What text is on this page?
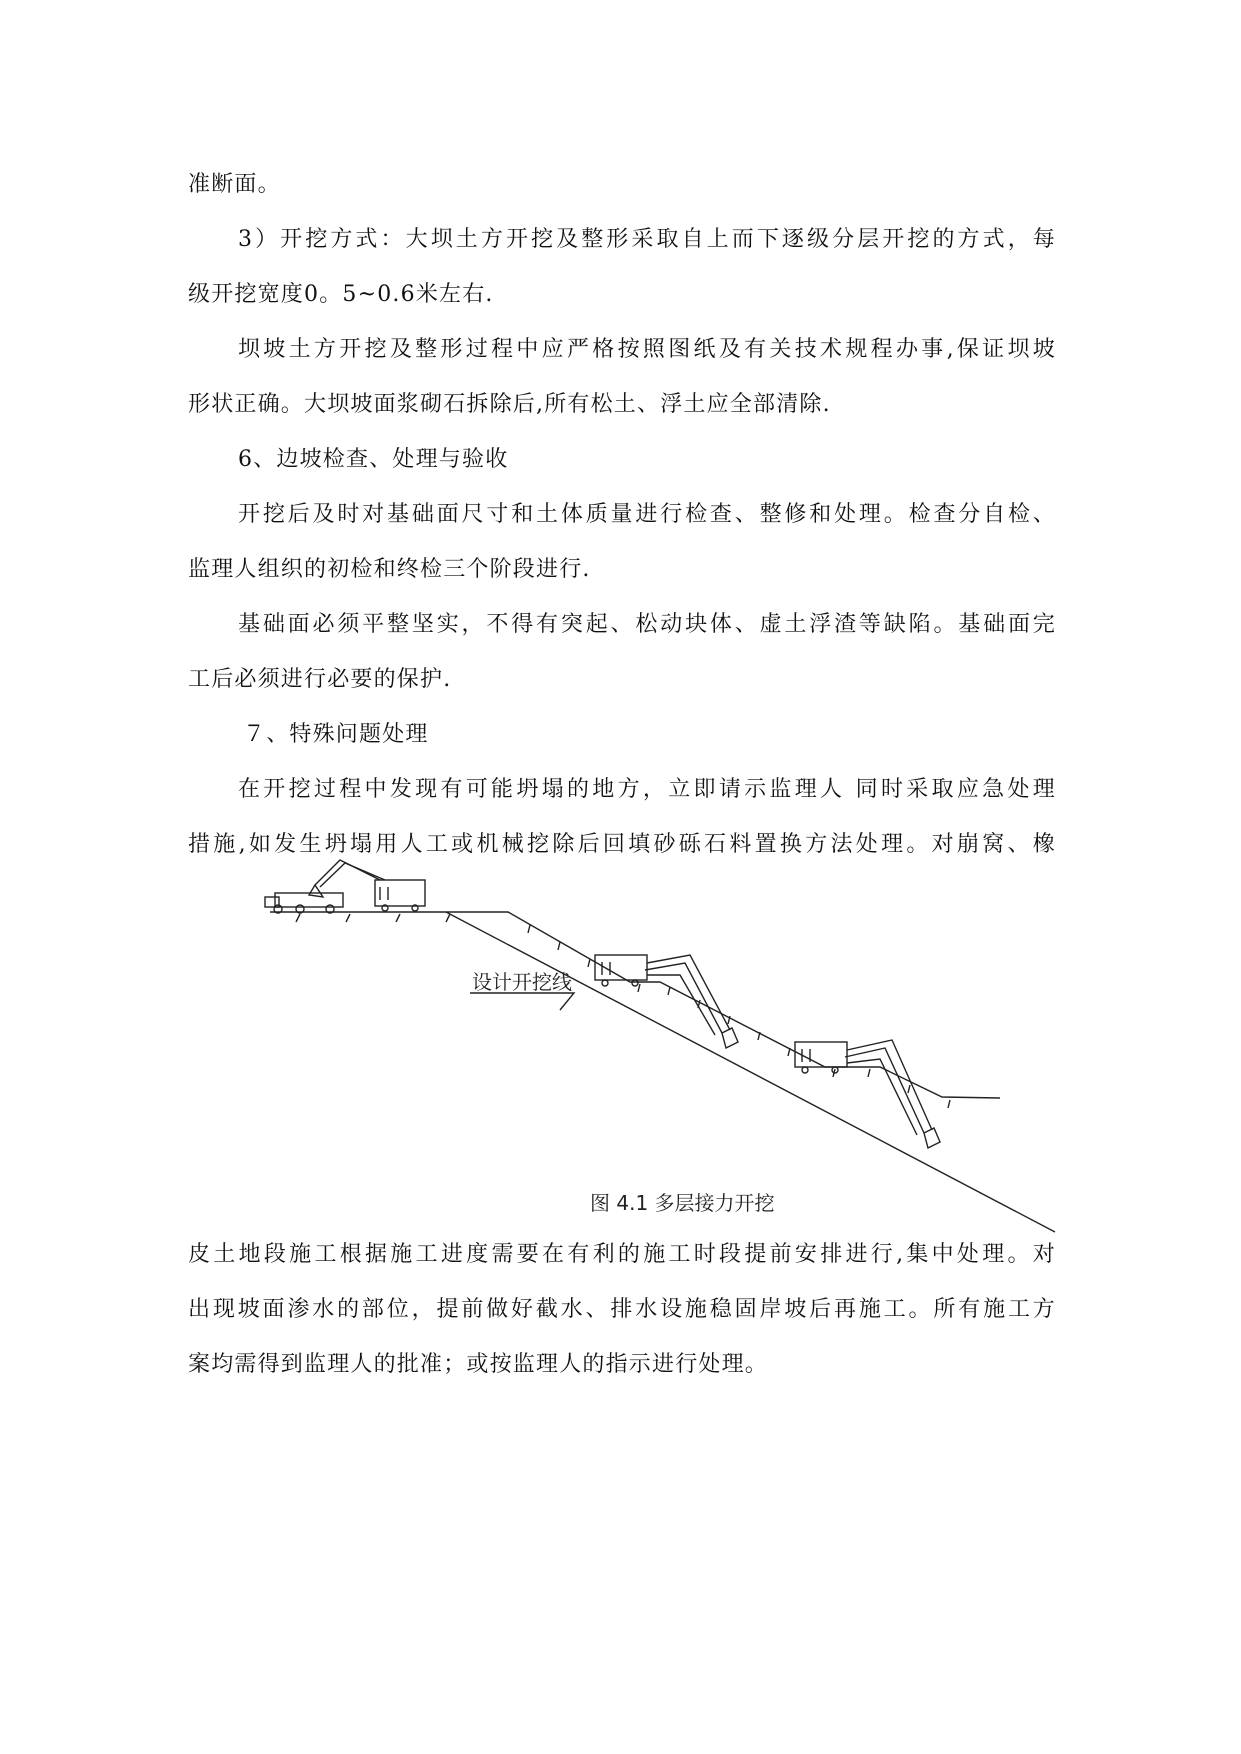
准断面。
3）开挖方式：大坝土方开挖及整形采取自上而下逐级分层开挖的方式，每
级开挖宽度0。5~0.6米左右.
坝坡土方开挖及整形过程中应严格按照图纸及有关技术规程办事,保证坝坡
形状正确。大坝坡面浆砌石拆除后,所有松土、浮土应全部清除.
6、边坡检查、处理与验收
开挖后及时对基础面尺寸和土体质量进行检查、整修和处理。检查分自检、
监理人组织的初检和终检三个阶段进行.
基础面必须平整坚实，不得有突起、松动块体、虚土浮渣等缺陷。基础面完
工后必须进行必要的保护.
７、特殊问题处理
在开挖过程中发现有可能坍塌的地方，立即请示监理人 同时采取应急处理
措施,如发生坍塌用人工或机械挖除后回填砂砾石料置换方法处理。对崩窝、橡
设计开挖线
图 4.1 多层接力开挖
皮土地段施工根据施工进度需要在有利的施工时段提前安排进行,集中处理。对
出现坡面渗水的部位，提前做好截水、排水设施稳固岸坡后再施工。所有施工方
案均需得到监理人的批准；或按监理人的指示进行处理。
